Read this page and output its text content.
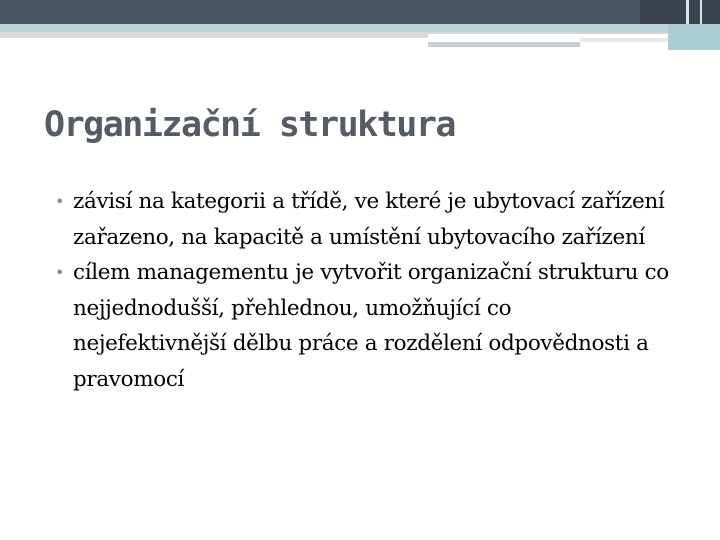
Organizační struktura
• závisí na kategorii a třídě, ve které je ubytovací zařízení zařazeno, na kapacitě a umístění ubytovacího zařízení
• cílem managementu je vytvořit organizační strukturu co nejjednodušší, přehlednou, umožňující co nejefektivnější dělbu práce a rozdělení odpovědnosti a pravomocí
